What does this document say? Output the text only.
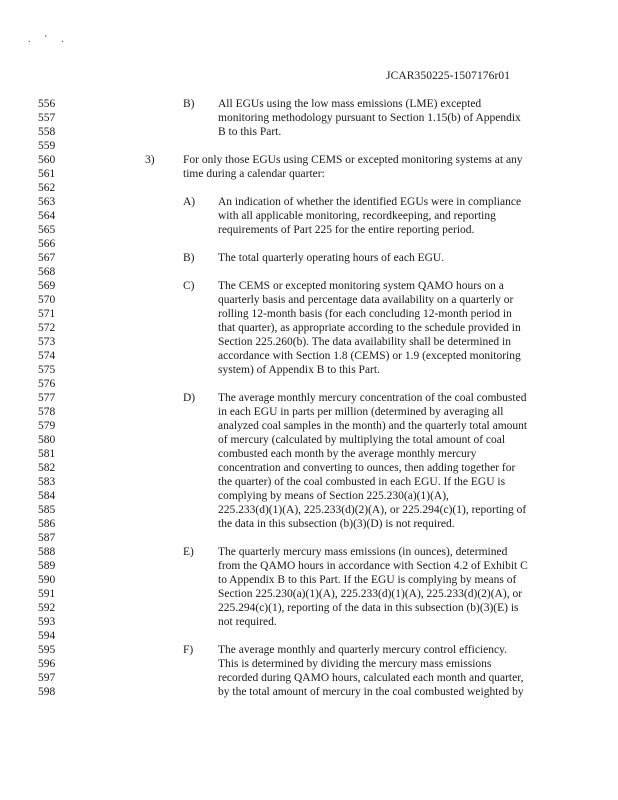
. ' .
JCAR350225-1507176r01
556
557
558
559
560
561
562
563
564
565
566
567
568
569
570
571
572
573
574
575
576
577
578
579
580
581
582
583
584
585
586
587
588
589
590
591
592
593
594
595
596
597
598
B)
3)
A)
B)
C)
D)
E)
F)
All EGUs using the low mass emissions (LME) excepted
monitoring methodology pursuant to Section 1.15(b) of Appendix
B to this Part.
For only those EGUs using CEMS or excepted monitoring systems at any
time during a calendar quarter:
An indication of whether the identified EGUs were in compliance
with all applicable monitoring, recordkeeping, and reporting
requirements of Part 225 for the entire reporting period.
The total quarterly operating hours of each EGU.
The CEMS or excepted monitoring system QAMO hours on a
quarterly basis and percentage data availability on a quarterly or
rolling 12-month basis (for each concluding 12-month period in
that quarter), as appropriate according to the schedule provided in
Section 225.260(b). The data availability shall be determined in
accordance with Section 1.8 (CEMS) or 1.9 (excepted monitoring
system) of Appendix B to this Part.
The average monthly mercury concentration of the coal combusted
in each EGU in parts per million (determined by averaging all
analyzed coal samples in the month) and the quarterly total amount
of mercury (calculated by multiplying the total amount of coal
combusted each month by the average monthly mercury
concentration and converting to ounces, then adding together for
the quarter) of the coal combusted in each EGU. If the EGU is
complying by means of Section 225.230(a)(1)(A),
225.233(d)(1)(A), 225.233(d)(2)(A), or 225.294(c)(1), reporting of
the data in this subsection (b)(3)(D) is not required.
The quarterly mercury mass emissions (in ounces), determined
from the QAMO hours in accordance with Section 4.2 of Exhibit C
to Appendix B to this Part. If the EGU is complying by means of
Section 225.230(a)(1)(A), 225.233(d)(1)(A), 225.233(d)(2)(A), or
225.294(c)(1), reporting of the data in this subsection (b)(3)(E) is
not required.
The average monthly and quarterly mercury control efficiency.
This is determined by dividing the mercury mass emissions
recorded during QAMO hours, calculated each month and quarter,
by the total amount of mercury in the coal combusted weighted by
